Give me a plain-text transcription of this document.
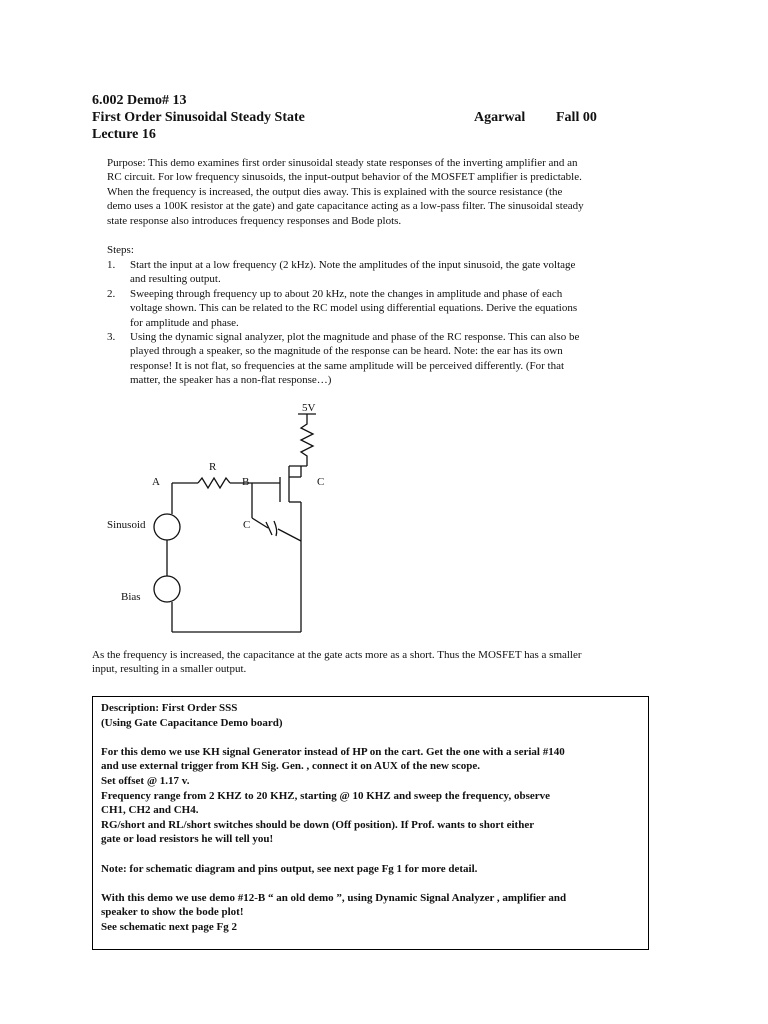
6.002 Demo# 13
First Order Sinusoidal Steady State	Agarwal Fall 00
Lecture 16
Purpose: This demo examines first order sinusoidal steady state responses of the inverting amplifier and an
RC circuit. For low frequency sinusoids, the input-output behavior of the MOSFET amplifier is predictable.
When the frequency is increased, the output dies away. This is explained with the source resistance (the
demo uses a 100K resistor at the gate) and gate capacitance acting as a low-pass filter. The sinusoidal steady
state response also introduces frequency responses and Bode plots.
Steps:
1. Start the input at a low frequency (2 kHz). Note the amplitudes of the input sinusoid, the gate voltage
and resulting output.
2. Sweeping through frequency up to about 20 kHz, note the changes in amplitude and phase of each
voltage shown. This can be related to the RC model using differential equations. Derive the equations
for amplitude and phase.
3. Using the dynamic signal analyzer, plot the magnitude and phase of the RC response. This can also be
played through a speaker, so the magnitude of the response can be heard. Note: the ear has its own
response! It is not flat, so frequencies at the same amplitude will be perceived differently. (For that
matter, the speaker has a non-flat response…)
5V
R
A	B	C
C
Sinusoid
Bias
As the frequency is increased, the capacitance at the gate acts more as a short. Thus the MOSFET has a smaller
input, resulting in a smaller output.
Description: First Order SSS
(Using Gate Capacitance Demo board)
For this demo we use KH signal Generator instead of HP on the cart. Get the one with a serial #140
and use external trigger from KH Sig. Gen. , connect it on AUX of the new scope.
Set offset @ 1.17 v.
Frequency range from 2 KHZ to 20 KHZ, starting @ 10 KHZ and sweep the frequency, observe
CH1, CH2 and CH4.
RG/short and RL/short switches should be down (Off position). If Prof. wants to short either
gate or load resistors he will tell you!
Note: for schematic diagram and pins output, see next page Fg 1 for more detail.
With this demo we use demo #12-B “ an old demo ”, using Dynamic Signal Analyzer , amplifier and
speaker to show the bode plot!
See schematic next page Fg 2
